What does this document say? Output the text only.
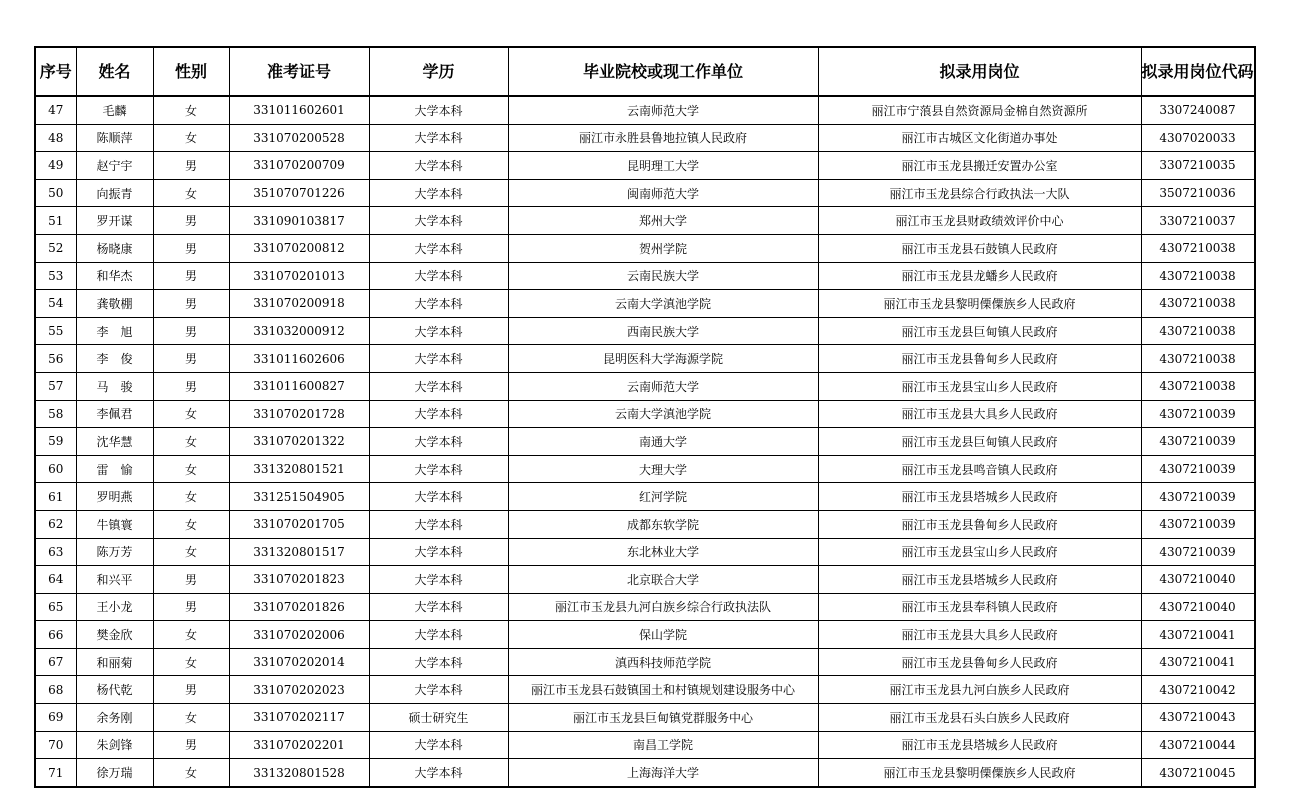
序号	姓名	性别	准考证号	学历	毕业院校或现工作单位	拟录用岗位	拟录用岗位代码
47	毛麟	女	331011602601	大学本科	云南师范大学	丽江市宁蒗县自然资源局金棉自然资源所	3307240087
48	陈顺萍	女	331070200528	大学本科	丽江市永胜县鲁地拉镇人民政府	丽江市古城区文化街道办事处	4307020033
49	赵宁宇	男	331070200709	大学本科	昆明理工大学	丽江市玉龙县搬迁安置办公室	3307210035
50	向振青	女	351070701226	大学本科	闽南师范大学	丽江市玉龙县综合行政执法一大队	3507210036
51	罗开谋	男	331090103817	大学本科	郑州大学	丽江市玉龙县财政绩效评价中心	3307210037
52	杨晓康	男	331070200812	大学本科	贺州学院	丽江市玉龙县石鼓镇人民政府	4307210038
53	和华杰	男	331070201013	大学本科	云南民族大学	丽江市玉龙县龙蟠乡人民政府	4307210038
54	龚敬棚	男	331070200918	大学本科	云南大学滇池学院	丽江市玉龙县黎明傈僳族乡人民政府	4307210038
55	李　旭	男	331032000912	大学本科	西南民族大学	丽江市玉龙县巨甸镇人民政府	4307210038
56	李　俊	男	331011602606	大学本科	昆明医科大学海源学院	丽江市玉龙县鲁甸乡人民政府	4307210038
57	马　骏	男	331011600827	大学本科	云南师范大学	丽江市玉龙县宝山乡人民政府	4307210038
58	李佩君	女	331070201728	大学本科	云南大学滇池学院	丽江市玉龙县大具乡人民政府	4307210039
59	沈华慧	女	331070201322	大学本科	南通大学	丽江市玉龙县巨甸镇人民政府	4307210039
60	雷　愉	女	331320801521	大学本科	大理大学	丽江市玉龙县鸣音镇人民政府	4307210039
61	罗明燕	女	331251504905	大学本科	红河学院	丽江市玉龙县塔城乡人民政府	4307210039
62	牛镇寰	女	331070201705	大学本科	成都东软学院	丽江市玉龙县鲁甸乡人民政府	4307210039
63	陈万芳	女	331320801517	大学本科	东北林业大学	丽江市玉龙县宝山乡人民政府	4307210039
64	和兴平	男	331070201823	大学本科	北京联合大学	丽江市玉龙县塔城乡人民政府	4307210040
65	王小龙	男	331070201826	大学本科	丽江市玉龙县九河白族乡综合行政执法队	丽江市玉龙县奉科镇人民政府	4307210040
66	樊金欣	女	331070202006	大学本科	保山学院	丽江市玉龙县大具乡人民政府	4307210041
67	和丽菊	女	331070202014	大学本科	滇西科技师范学院	丽江市玉龙县鲁甸乡人民政府	4307210041
68	杨代乾	男	331070202023	大学本科	丽江市玉龙县石鼓镇国土和村镇规划建设服务中心	丽江市玉龙县九河白族乡人民政府	4307210042
69	余务刚	女	331070202117	硕士研究生	丽江市玉龙县巨甸镇党群服务中心	丽江市玉龙县石头白族乡人民政府	4307210043
70	朱剑锋	男	331070202201	大学本科	南昌工学院	丽江市玉龙县塔城乡人民政府	4307210044
71	徐万瑞	女	331320801528	大学本科	上海海洋大学	丽江市玉龙县黎明傈僳族乡人民政府	4307210045
